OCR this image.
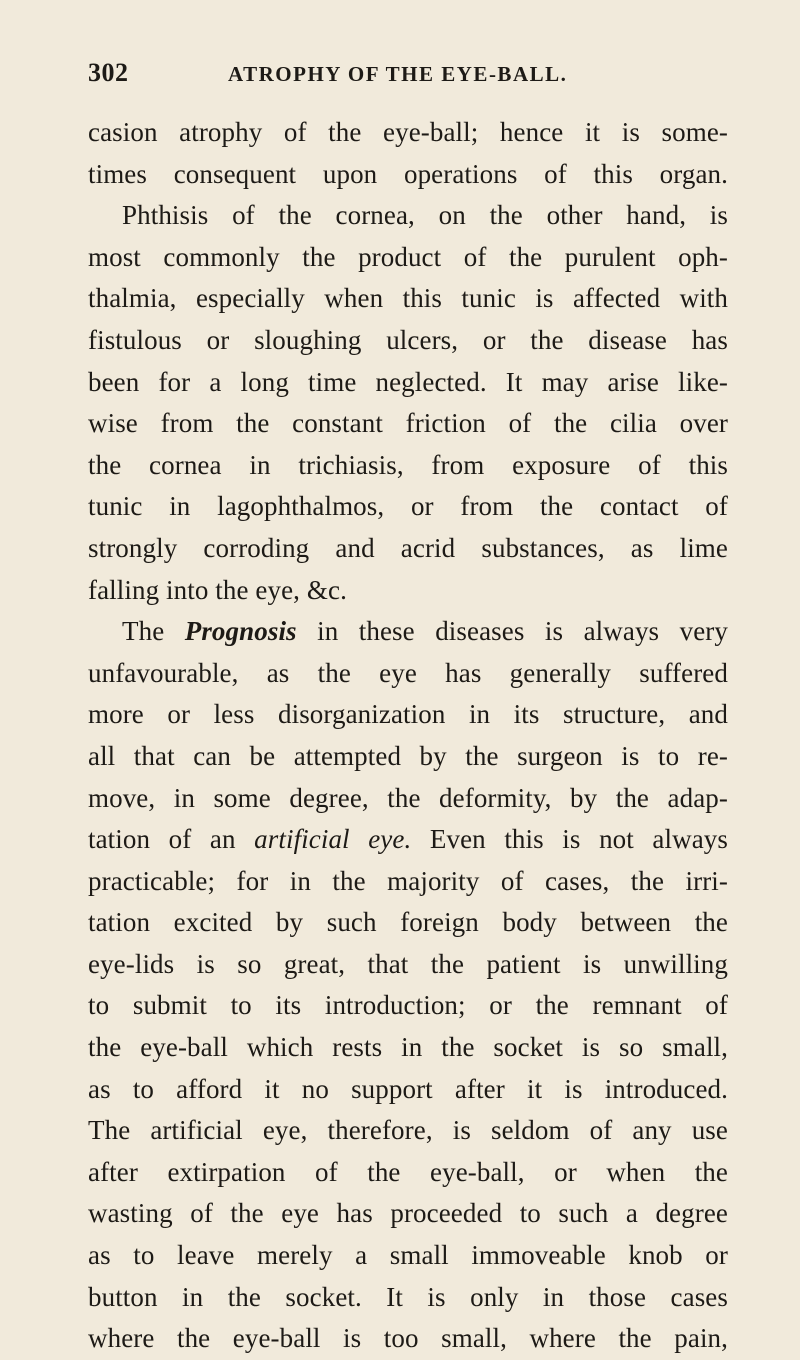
302	ATROPHY OF THE EYE-BALL.
casion atrophy of the eye-ball; hence it is some-
times consequent upon operations of this organ.
Phthisis of the cornea, on the other hand, is
most commonly the product of the purulent oph-
thalmia, especially when this tunic is affected with
fistulous or sloughing ulcers, or the disease has
been for a long time neglected. It may arise like-
wise from the constant friction of the cilia over
the cornea in trichiasis, from exposure of this
tunic in lagophthalmos, or from the contact of
strongly corroding and acrid substances, as lime
falling into the eye, &c.
The Prognosis in these diseases is always very
unfavourable, as the eye has generally suffered
more or less disorganization in its structure, and
all that can be attempted by the surgeon is to re-
move, in some degree, the deformity, by the adap-
tation of an artificial eye. Even this is not always
practicable; for in the majority of cases, the irri-
tation excited by such foreign body between the
eye-lids is so great, that the patient is unwilling
to submit to its introduction; or the remnant of
the eye-ball which rests in the socket is so small,
as to afford it no support after it is introduced.
The artificial eye, therefore, is seldom of any use
after extirpation of the eye-ball, or when the
wasting of the eye has proceeded to such a degree
as to leave merely a small immoveable knob or
button in the socket. It is only in those cases
where the eye-ball is too small, where the pain,
